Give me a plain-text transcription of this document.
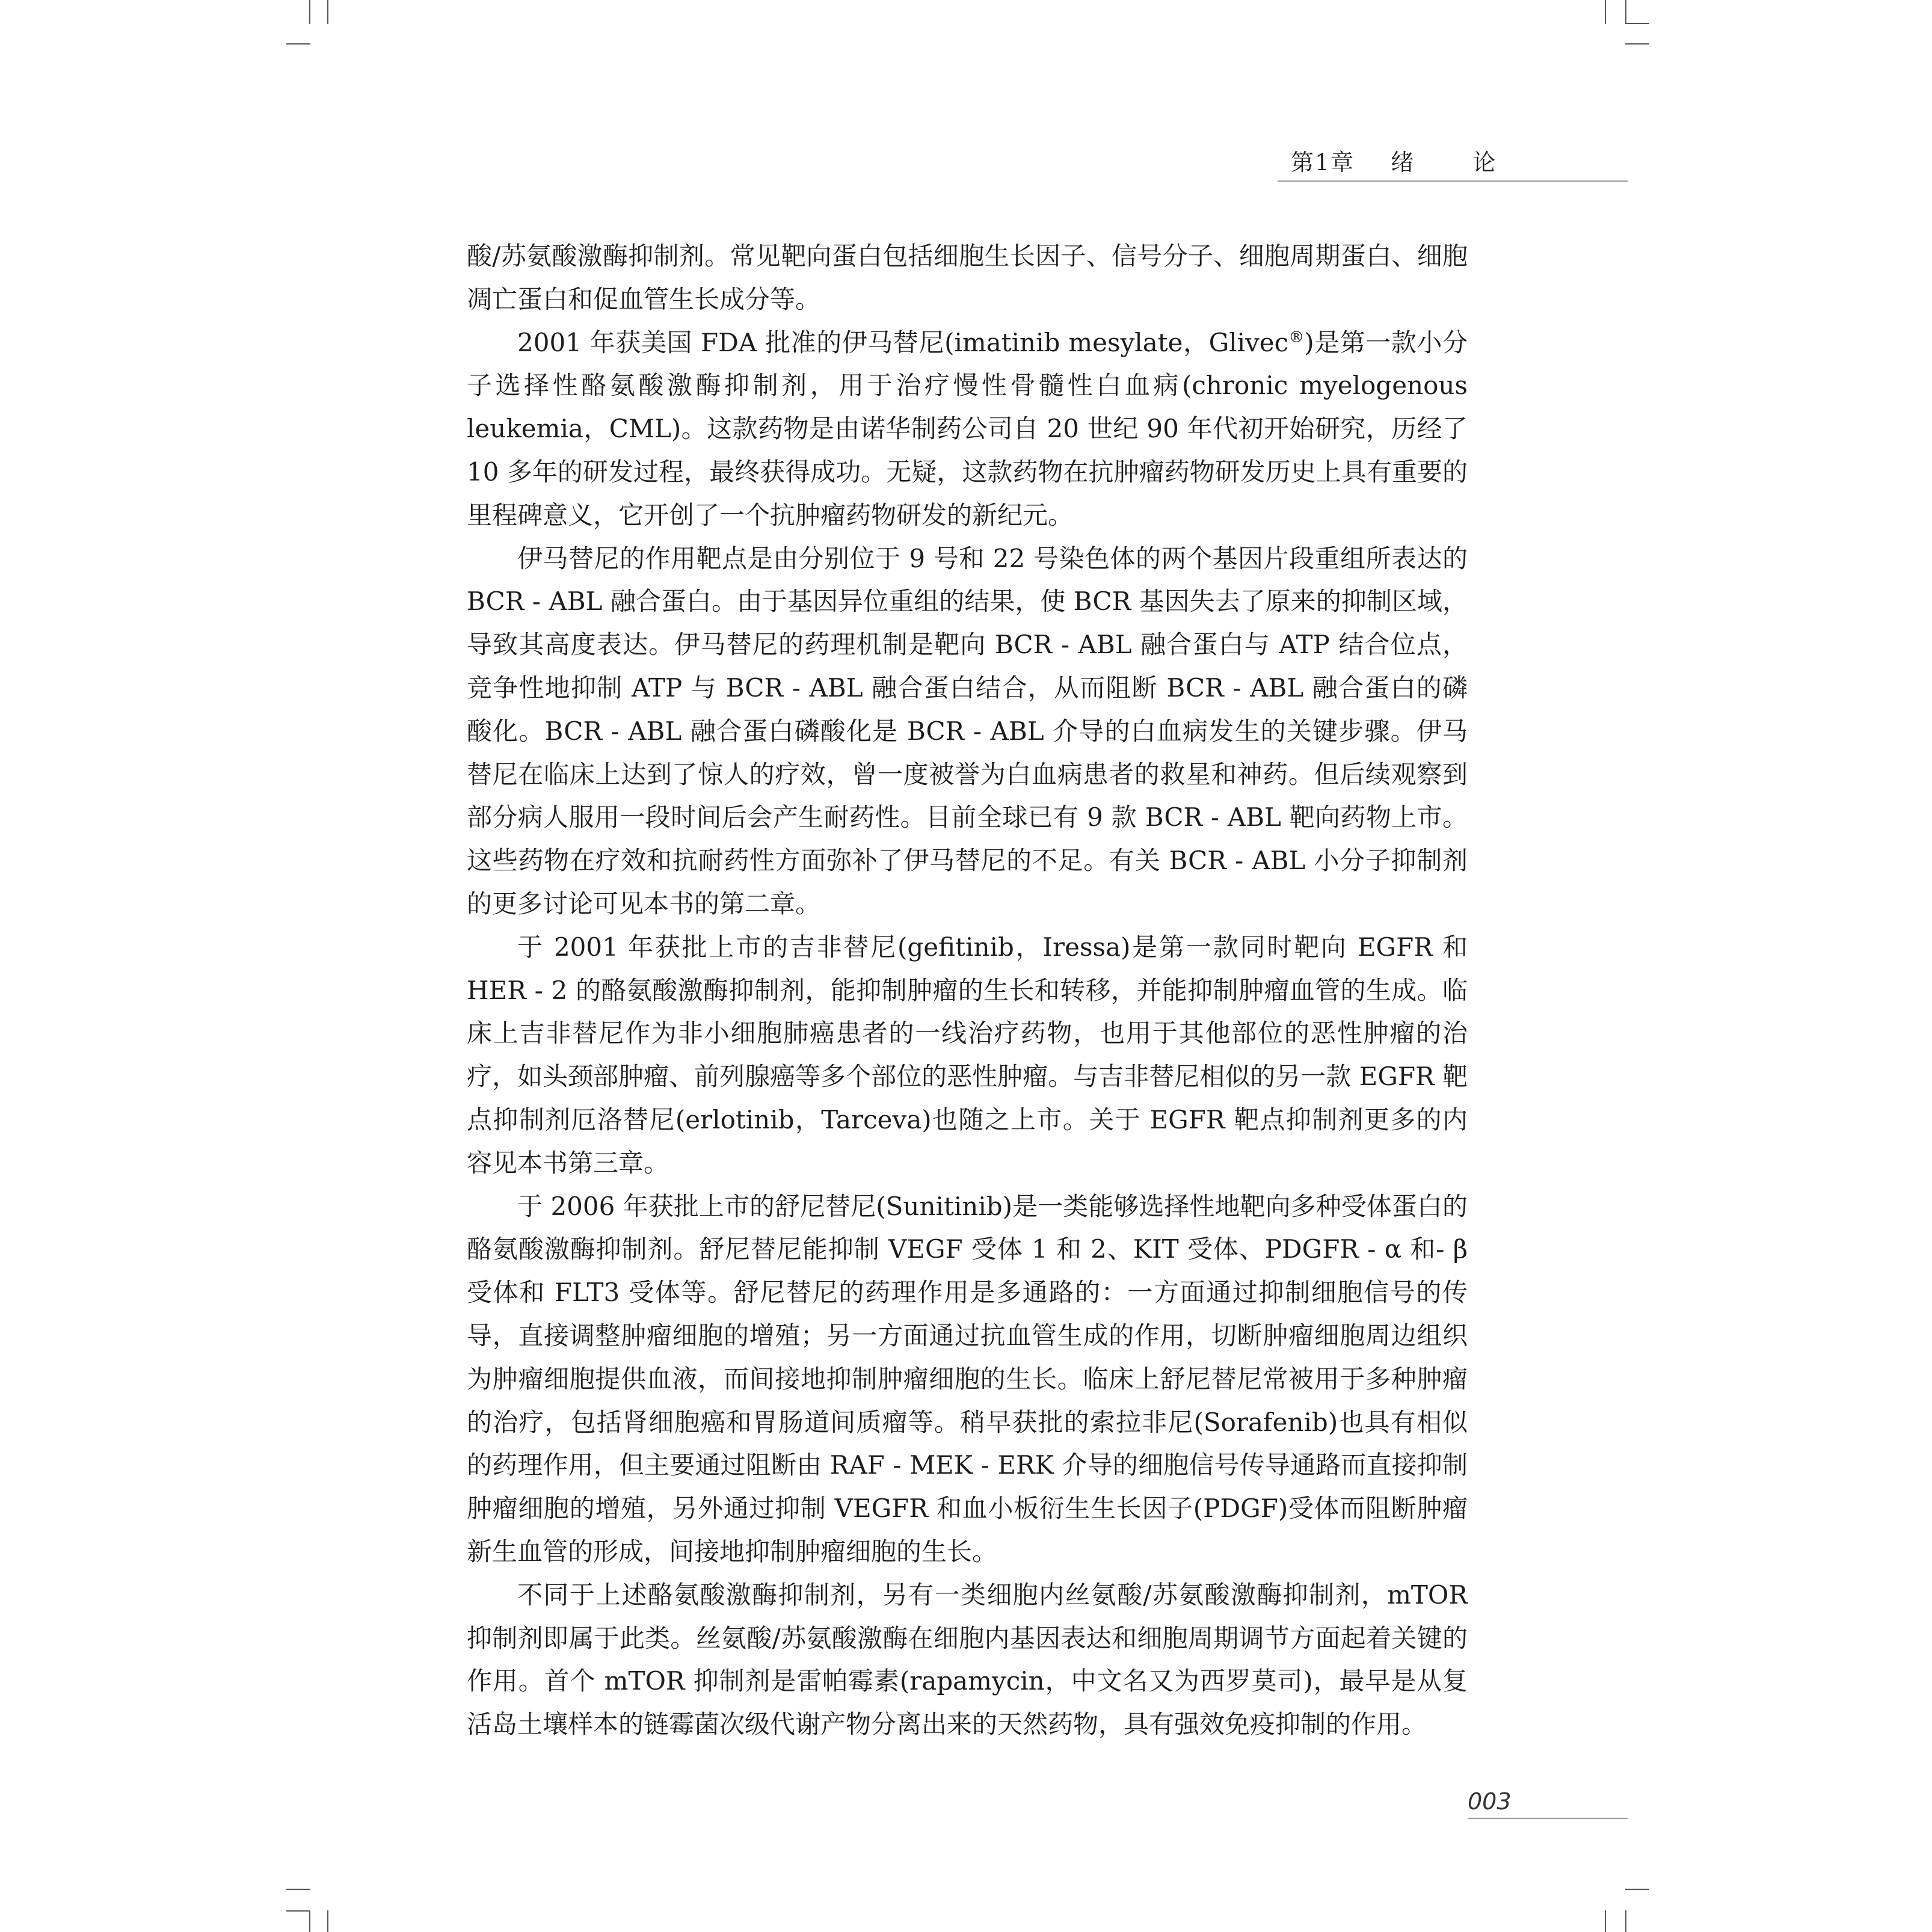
第1章 绪	论

酸/苏氨酸激酶抑制剂。常见靶向蛋白包括细胞生长因子、信号分子、细胞周期蛋白、细胞凋亡蛋白和促血管生长成分等。

2001 年获美国 FDA 批准的伊马替尼(imatinib mesylate，Glivec®)是第一款小分子选择性酪氨酸激酶抑制剂，用于治疗慢性骨髓性白血病(chronic myelogenous leukemia，CML)。这款药物是由诺华制药公司自 20 世纪 90 年代初开始研究，历经了 10 多年的研发过程，最终获得成功。无疑，这款药物在抗肿瘤药物研发历史上具有重要的里程碑意义，它开创了一个抗肿瘤药物研发的新纪元。

伊马替尼的作用靶点是由分别位于 9 号和 22 号染色体的两个基因片段重组所表达的 BCR - ABL 融合蛋白。由于基因异位重组的结果，使 BCR 基因失去了原来的抑制区域，导致其高度表达。伊马替尼的药理机制是靶向 BCR - ABL 融合蛋白与 ATP 结合位点，竞争性地抑制 ATP 与 BCR - ABL 融合蛋白结合，从而阻断 BCR - ABL 融合蛋白的磷酸化。BCR - ABL 融合蛋白磷酸化是 BCR - ABL 介导的白血病发生的关键步骤。伊马替尼在临床上达到了惊人的疗效，曾一度被誉为白血病患者的救星和神药。但后续观察到部分病人服用一段时间后会产生耐药性。目前全球已有 9 款 BCR - ABL 靶向药物上市。这些药物在疗效和抗耐药性方面弥补了伊马替尼的不足。有关 BCR - ABL 小分子抑制剂的更多讨论可见本书的第二章。

于 2001 年获批上市的吉非替尼(gefitinib，Iressa)是第一款同时靶向 EGFR 和 HER - 2 的酪氨酸激酶抑制剂，能抑制肿瘤的生长和转移，并能抑制肿瘤血管的生成。临床上吉非替尼作为非小细胞肺癌患者的一线治疗药物，也用于其他部位的恶性肿瘤的治疗，如头颈部肿瘤、前列腺癌等多个部位的恶性肿瘤。与吉非替尼相似的另一款 EGFR 靶点抑制剂厄洛替尼(erlotinib，Tarceva)也随之上市。关于 EGFR 靶点抑制剂更多的内容见本书第三章。

于 2006 年获批上市的舒尼替尼(Sunitinib)是一类能够选择性地靶向多种受体蛋白的酪氨酸激酶抑制剂。舒尼替尼能抑制 VEGF 受体 1 和 2、KIT 受体、PDGFR - α 和- β 受体和 FLT3 受体等。舒尼替尼的药理作用是多通路的：一方面通过抑制细胞信号的传导，直接调整肿瘤细胞的增殖；另一方面通过抗血管生成的作用，切断肿瘤细胞周边组织为肿瘤细胞提供血液，而间接地抑制肿瘤细胞的生长。临床上舒尼替尼常被用于多种肿瘤的治疗，包括肾细胞癌和胃肠道间质瘤等。稍早获批的索拉非尼(Sorafenib)也具有相似的药理作用，但主要通过阻断由 RAF - MEK - ERK 介导的细胞信号传导通路而直接抑制肿瘤细胞的增殖，另外通过抑制 VEGFR 和血小板衍生生长因子(PDGF)受体而阻断肿瘤新生血管的形成，间接地抑制肿瘤细胞的生长。

不同于上述酪氨酸激酶抑制剂，另有一类细胞内丝氨酸/苏氨酸激酶抑制剂，mTOR 抑制剂即属于此类。丝氨酸/苏氨酸激酶在细胞内基因表达和细胞周期调节方面起着关键的作用。首个 mTOR 抑制剂是雷帕霉素(rapamycin，中文名又为西罗莫司)，最早是从复活岛土壤样本的链霉菌次级代谢产物分离出来的天然药物，具有强效免疫抑制的作用。

003
